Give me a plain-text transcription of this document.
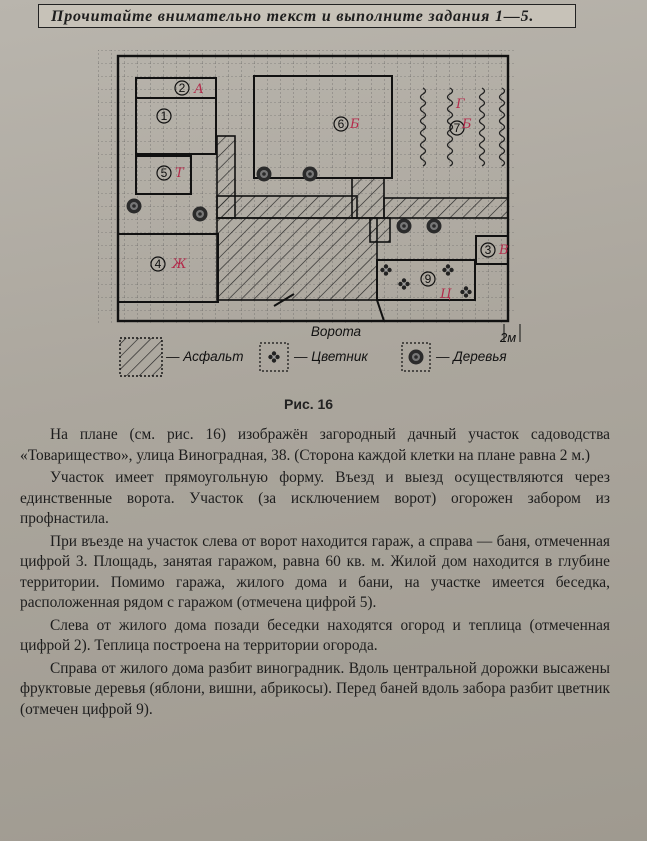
Прочитайте внимательно текст и выполните задания 1—5.
2
1
5
6	7
4
3
9
А
Т
Б
Ж
Г
В
Ц
Б
Ворота	2м
— Асфальт	— Цветник	— Деревья
Рис. 16

На плане (см. рис. 16) изображён загородный дачный участок садоводства «Товарищество», улица Виноградная, 38. (Сторона каждой клетки на плане равна 2 м.)

Участок имеет прямоугольную форму. Въезд и выезд осуществляются через единственные ворота. Участок (за исключением ворот) огорожен забором из профнастила.

При въезде на участок слева от ворот находится гараж, а справа — баня, отмеченная цифрой 3. Площадь, занятая гаражом, равна 60 кв. м. Жилой дом находится в глубине территории. Помимо гаража, жилого дома и бани, на участке имеется беседка, расположенная рядом с гаражом (отмечена цифрой 5).

Слева от жилого дома позади беседки находятся огород и теплица (отмеченная цифрой 2). Теплица построена на территории огорода.

Справа от жилого дома разбит виноградник. Вдоль центральной дорожки высажены фруктовые деревья (яблони, вишни, абрикосы). Перед баней вдоль забора разбит цветник (отмечен цифрой 9).
